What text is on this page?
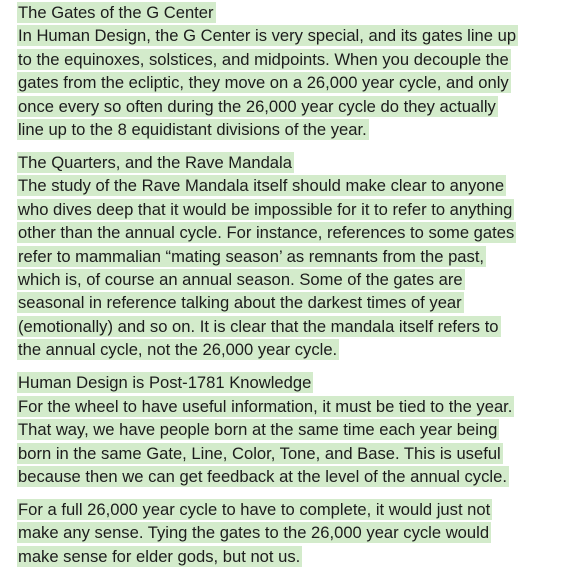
The Gates of the G Center
In Human Design, the G Center is very special, and its gates line up
to the equinoxes, solstices, and midpoints. When you decouple the
gates from the ecliptic, they move on a 26,000 year cycle, and only
once every so often during the 26,000 year cycle do they actually
line up to the 8 equidistant divisions of the year.
The Quarters, and the Rave Mandala
The study of the Rave Mandala itself should make clear to anyone
who dives deep that it would be impossible for it to refer to anything
other than the annual cycle. For instance, references to some gates
refer to mammalian “mating season’ as remnants from the past,
which is, of course an annual season. Some of the gates are
seasonal in reference talking about the darkest times of year
(emotionally) and so on. It is clear that the mandala itself refers to
the annual cycle, not the 26,000 year cycle.
Human Design is Post-1781 Knowledge
For the wheel to have useful information, it must be tied to the year.
That way, we have people born at the same time each year being
born in the same Gate, Line, Color, Tone, and Base. This is useful
because then we can get feedback at the level of the annual cycle.
For a full 26,000 year cycle to have to complete, it would just not
make any sense. Tying the gates to the 26,000 year cycle would
make sense for elder gods, but not us.
